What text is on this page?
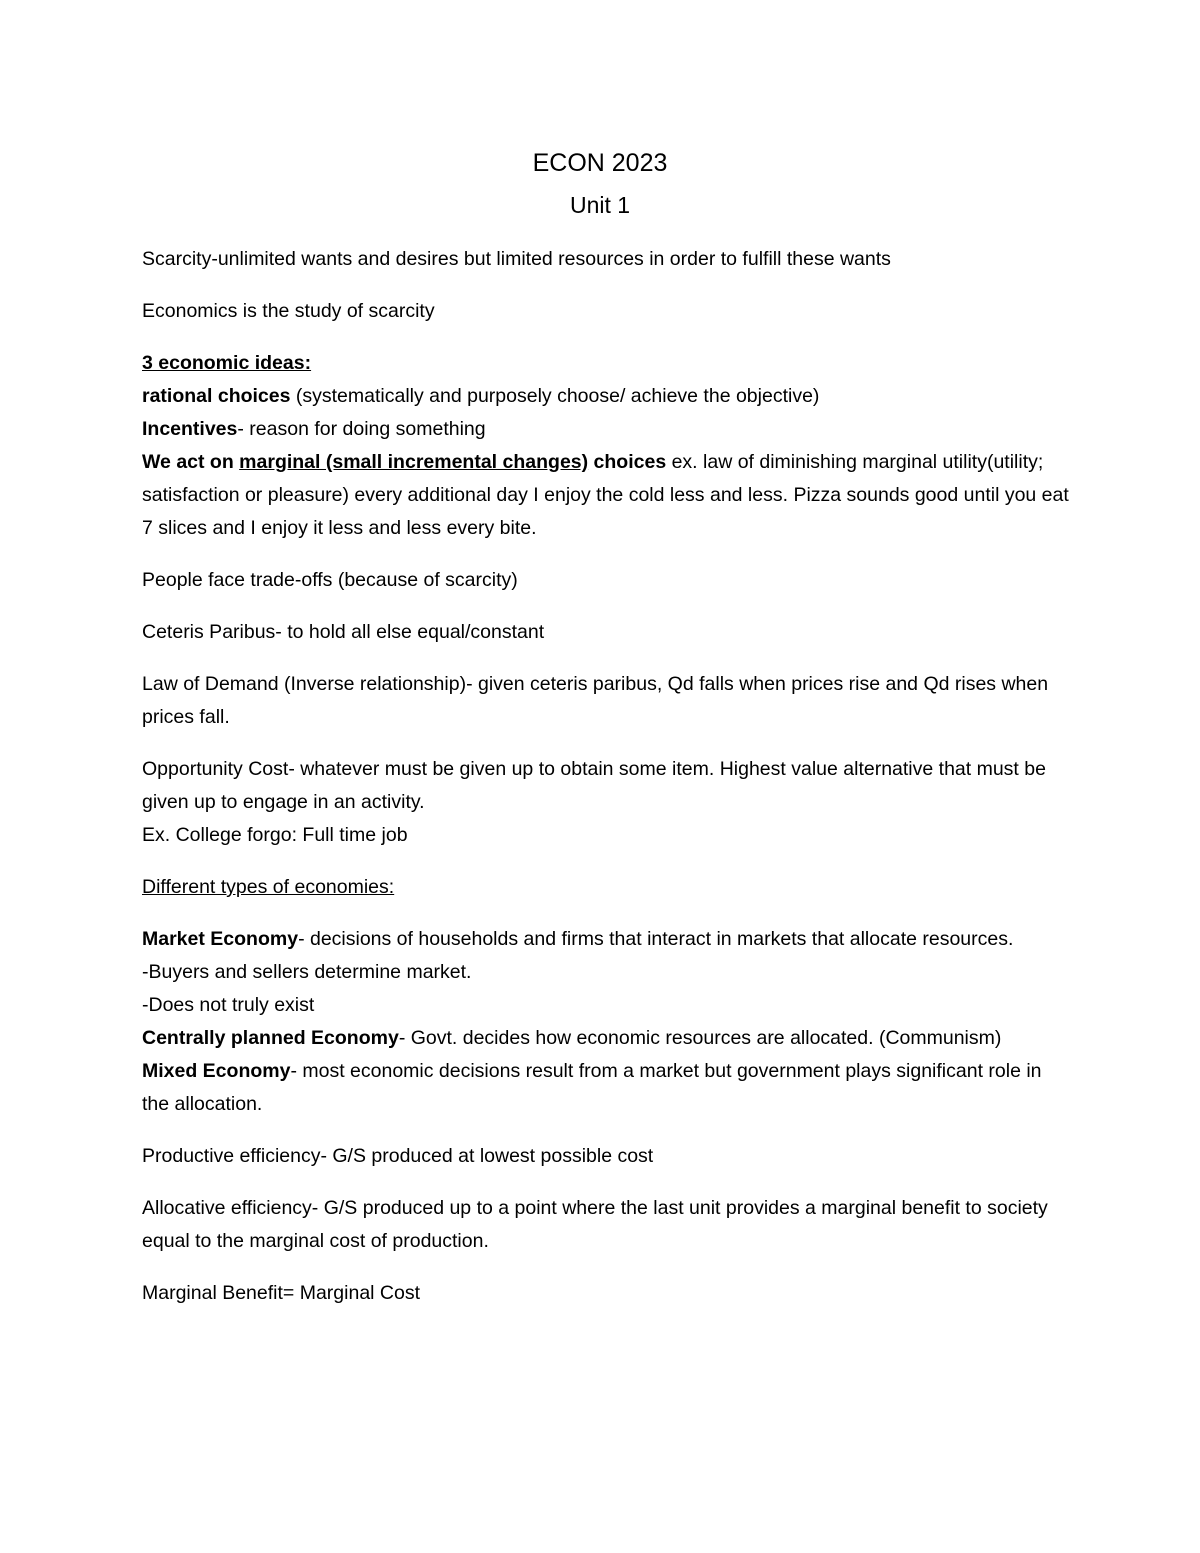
ECON 2023
Unit 1

Scarcity-unlimited wants and desires but limited resources in order to fulfill these wants

Economics is the study of scarcity

3 economic ideas:
rational choices (systematically and purposely choose/ achieve the objective)
Incentives- reason for doing something
We act on marginal (small incremental changes) choices ex. law of diminishing marginal utility(utility; satisfaction or pleasure) every additional day I enjoy the cold less and less. Pizza sounds good until you eat 7 slices and I enjoy it less and less every bite.

People face trade-offs (because of scarcity)

Ceteris Paribus- to hold all else equal/constant

Law of Demand (Inverse relationship)- given ceteris paribus, Qd falls when prices rise and Qd rises when prices fall.

Opportunity Cost- whatever must be given up to obtain some item. Highest value alternative that must be given up to engage in an activity.
Ex. College forgo: Full time job

Different types of economies:

Market Economy- decisions of households and firms that interact in markets that allocate resources.
-Buyers and sellers determine market.
-Does not truly exist
Centrally planned Economy- Govt. decides how economic resources are allocated. (Communism)
Mixed Economy- most economic decisions result from a market but government plays significant role in the allocation.

Productive efficiency- G/S produced at lowest possible cost

Allocative efficiency- G/S produced up to a point where the last unit provides a marginal benefit to society equal to the marginal cost of production.

Marginal Benefit= Marginal Cost
